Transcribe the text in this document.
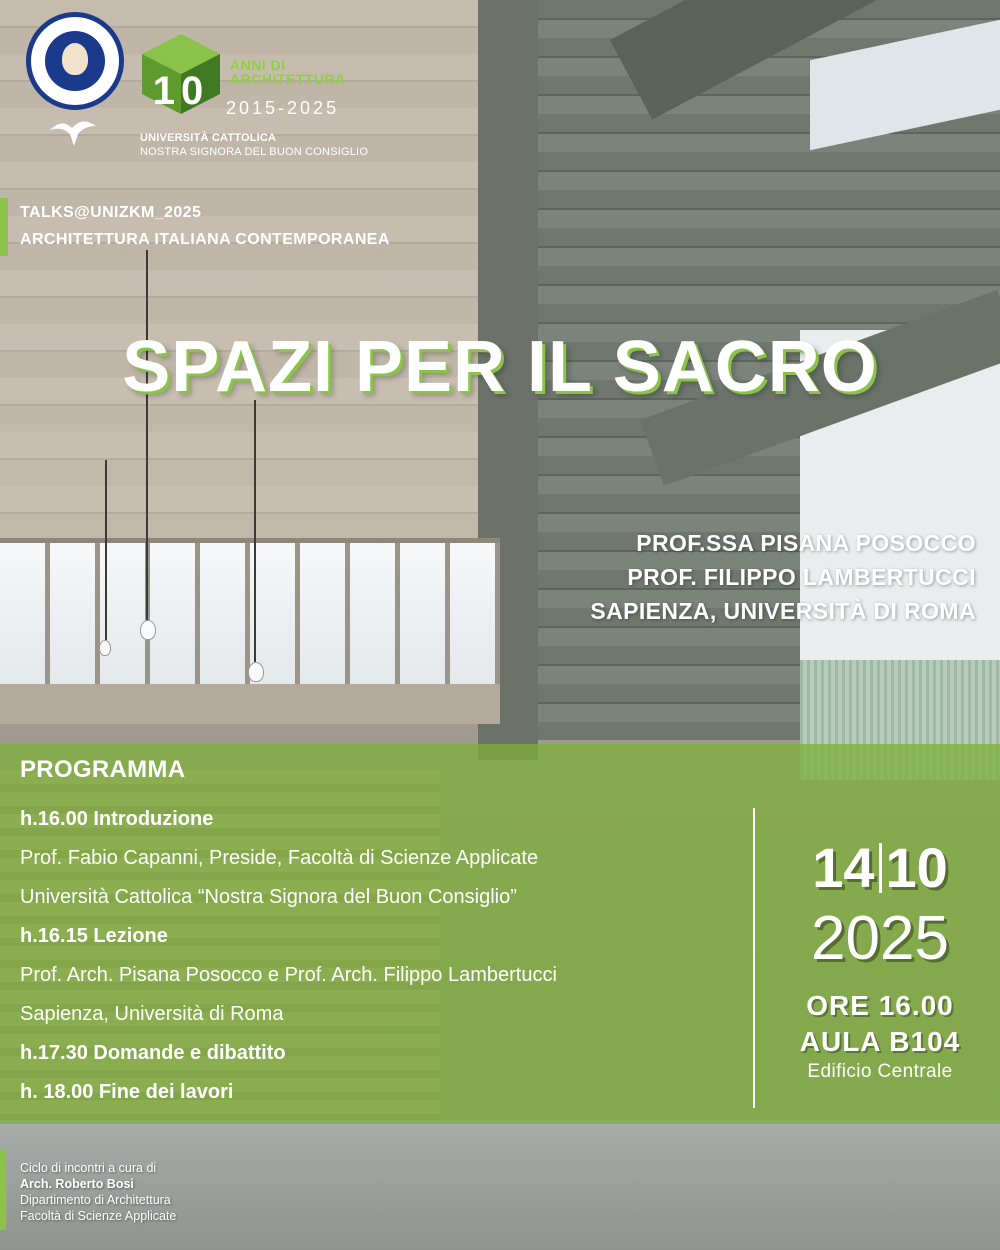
10
ANNI DI
ARCHITETTURA
2015-2025
UNIVERSITÀ CATTOLICA
NOSTRA SIGNORA DEL BUON CONSIGLIO
TALKS@UNIZKM_2025
ARCHITETTURA ITALIANA CONTEMPORANEA
SPAZI PER IL SACRO
PROF.SSA PISANA POSOCCO
PROF. FILIPPO LAMBERTUCCI
SAPIENZA, UNIVERSITÀ DI ROMA
PROGRAMMA
h.16.00 Introduzione
Prof. Fabio Capanni, Preside, Facoltà di Scienze Applicate
Università Cattolica “Nostra Signora del Buon Consiglio”
h.16.15 Lezione
Prof. Arch. Pisana Posocco e Prof. Arch. Filippo Lambertucci
Sapienza, Università di Roma
h.17.30 Domande e dibattito
h. 18.00 Fine dei lavori
14 10
2025
ORE 16.00
AULA B104
Edificio Centrale
Ciclo di incontri a cura di
Arch. Roberto Bosi
Dipartimento di Architettura
Facoltà di Scienze Applicate
